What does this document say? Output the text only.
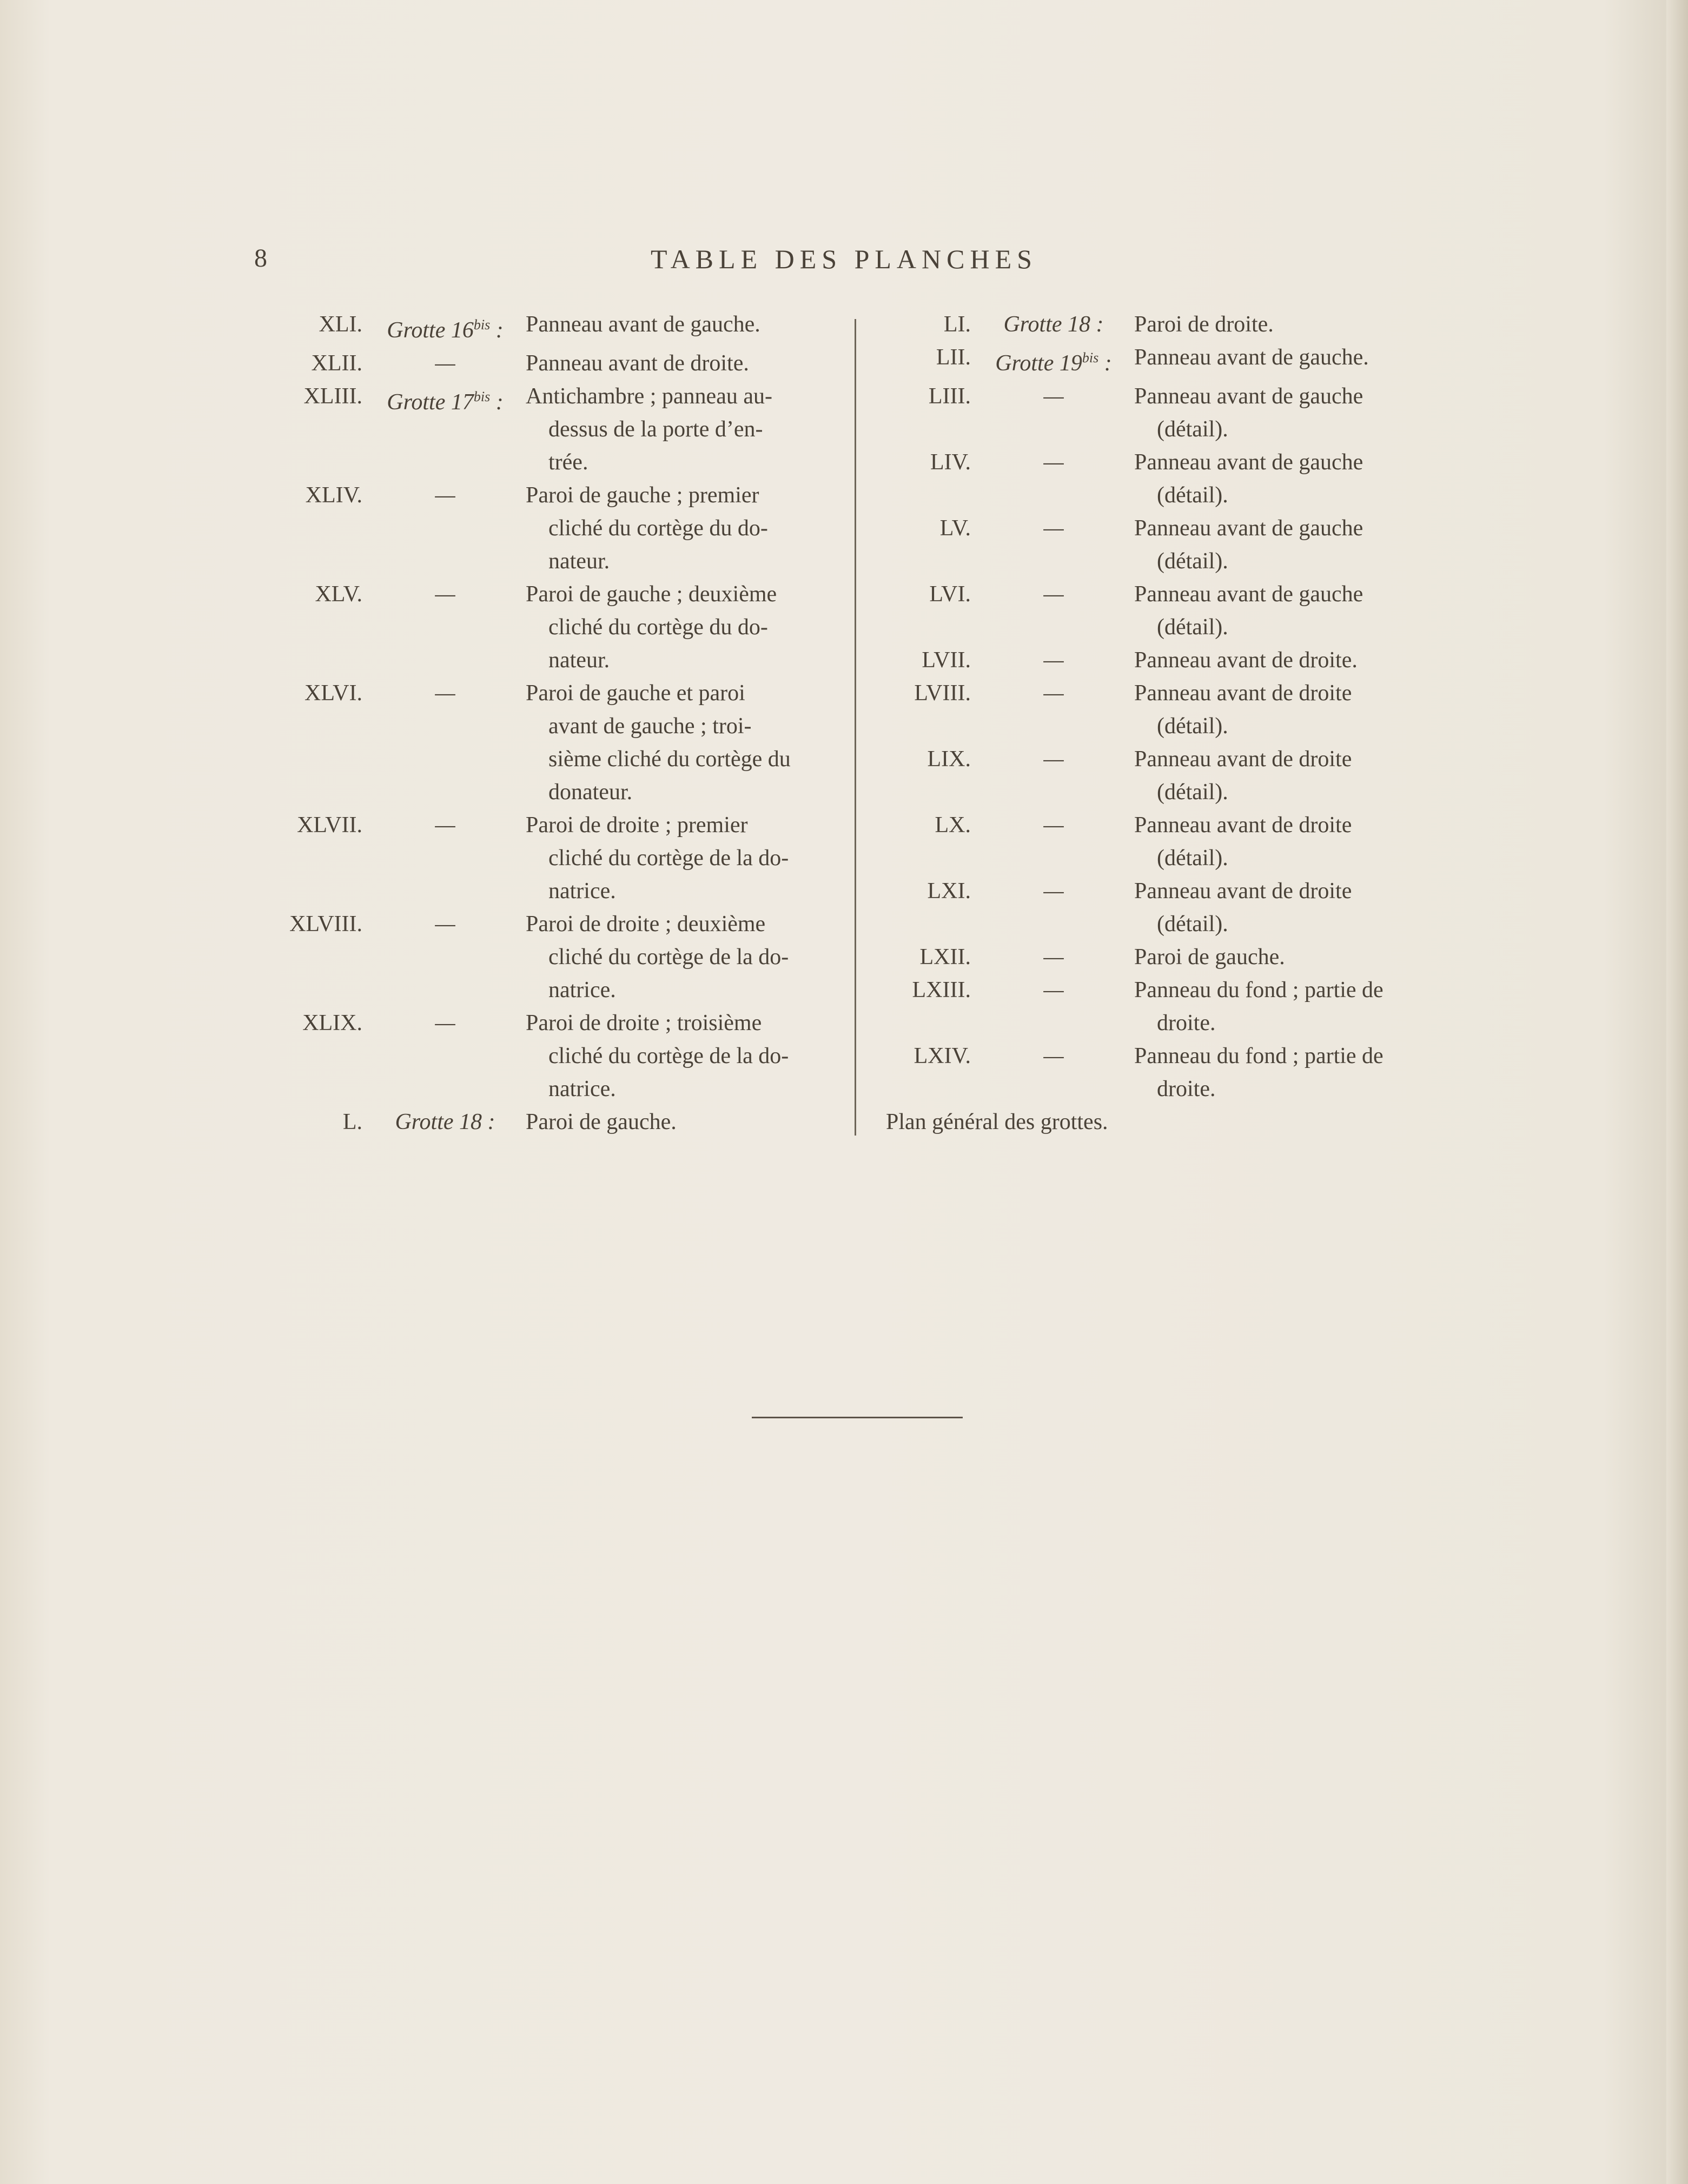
8	TABLE DES PLANCHES
XLI.	Grotte $16^{bis}$ : Panneau avant de gauche.
XLII.	—	Panneau avant de droite.
XLIII.	Grotte $17^{bis}$ : Antichambre ; panneau au-
dessus de la porte d’en-
trée.
XLIV.	—	Paroi de gauche ; premier
cliché du cortège du do-
nateur.
XLV.	—	Paroi de gauche ; deuxième
cliché du cortège du do-
nateur.
XLVI.	—	Paroi de gauche et paroi
avant de gauche ; troi-
sième cliché du cortège du
donateur.
XLVII.	—	Paroi de droite ; premier
cliché du cortège de la do-
natrice.
XLVIII.	—	Paroi de droite ; deuxième
cliché du cortège de la do-
natrice.
XLIX.	—	Paroi de droite ; troisième
cliché du cortège de la do-
natrice.
L.	Grotte 18 :	Paroi de gauche.
LI.	Grotte 18 :	Paroi de droite.
LII.	Grotte $19^{bis}$ : Panneau avant de gauche.
LIII.	—	Panneau avant de gauche
(détail).
LIV.	—	Panneau avant de gauche
(détail).
LV.	—	Panneau avant de gauche
(détail).
LVI.	—	Panneau avant de gauche
(détail).
LVII.	—	Panneau avant de droite.
LVIII.	—	Panneau avant de droite
(détail).
LIX.	—	Panneau avant de droite
(détail).
LX.	—	Panneau avant de droite
(détail).
LXI.	—	Panneau avant de droite
(détail).
LXII.	—	Paroi de gauche.
LXIII.	—	Panneau du fond ; partie de
droite.
LXIV.	—	Panneau du fond ; partie de
droite.
Plan général des grottes.
